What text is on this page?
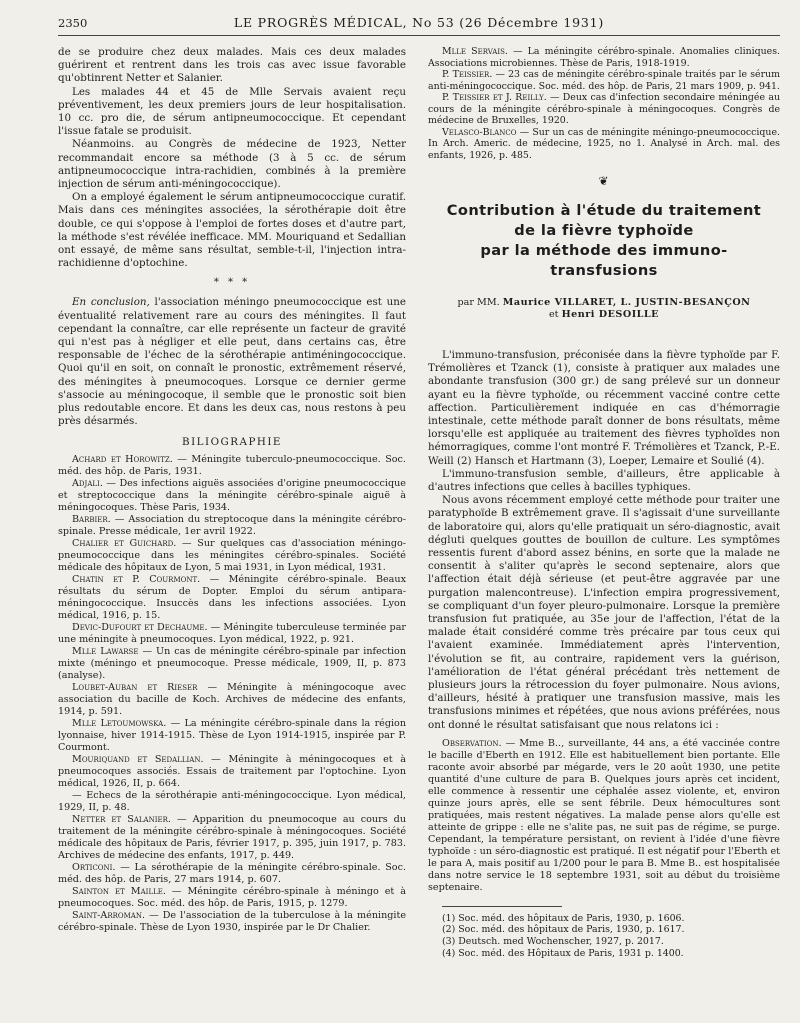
2350	LE PROGRÈS MÉDICAL, No 53 (26 Décembre 1931)

de se produire chez deux malades. Mais ces deux malades guérirent et rentrent dans les trois cas avec issue favorable qu'obtinrent Netter et Salanier.

Les malades 44 et 45 de Mlle Servais avaient reçu préventivement, les deux premiers jours de leur hospitalisation. 10 cc. pro die, de sérum antipneumococcique. Et cependant l'issue fatale se produisit.

Néanmoins. au Congrès de médecine de 1923, Netter recommandait encore sa méthode (3 à 5 cc. de sérum antipneumococcique intra-rachidien, combinés à la première injection de sérum anti-méningococcique).

On a employé également le sérum antipneumococcique curatif. Mais dans ces méningites associées, la sérothérapie doit être double, ce qui s'oppose à l'emploi de fortes doses et d'autre part, la méthode s'est révélée inefficace. MM. Mouriquand et Sedallian ont essayé, de même sans résultat, semble-t-il, l'injection intra-rachidienne d'optochine.

* * *

En conclusion, l'association méningo pneumococcique est une éventualité relativement rare au cours des méningites. Il faut cependant la connaître, car elle représente un facteur de gravité qui n'est pas à négliger et elle peut, dans certains cas, être responsable de l'échec de la sérothérapie antiméningococcique. Quoi qu'il en soit, on connaît le pronostic, extrêmement réservé, des méningites à pneumocoques. Lorsque ce dernier germe s'associe au méningocoque, il semble que le pronostic soit bien plus redoutable encore. Et dans les deux cas, nous restons à peu près désarmés.

BILIOGRAPHIE

Achard et Horowitz. — Méningite tuberculo-pneumococcique. Soc. méd. des hôp. de Paris, 1931.

Adjali. — Des infections aiguës associées d'origine pneumococcique et streptococcique dans la méningite cérébro-spinale aiguë à méningocoques. Thèse Paris, 1934.

Barbier. — Association du streptocoque dans la méningite cérébro-spinale. Presse médicale, 1er avril 1922.

Chalier et Guichard. — Sur quelques cas d'association méningo-pneumococcique dans les méningites cérébro-spinales. Société médicale des hôpitaux de Lyon, 5 mai 1931, in Lyon médical, 1931.

Chatin et P. Courmont. — Méningite cérébro-spinale. Beaux résultats du sérum de Dopter. Emploi du sérum antipara-méningococcique. Insuccès dans les infections associées. Lyon médical, 1916, p. 15.

Devic-Dufourt et Dechaume. — Méningite tuberculeuse terminée par une méningite à pneumocoques. Lyon médical, 1922, p. 921.

Mlle Lawarse — Un cas de méningite cérébro-spinale par infection mixte (méningo et pneumocoque. Presse médicale, 1909, II, p. 873 (analyse).

Loubet-Auban et Rieser — Méningite à méningocoque avec association du bacille de Koch. Archives de médecine des enfants, 1914, p. 591.

Mlle Letoumowska. — La méningite cérébro-spinale dans la région lyonnaise, hiver 1914-1915. Thèse de Lyon 1914-1915, inspirée par P. Courmont.

Mouriquand et Sedallian. — Méningite à méningocoques et à pneumocoques associés. Essais de traitement par l'optochine. Lyon médical, 1926, II, p. 664.

— Echecs de la sérothérapie anti-méningococcique. Lyon médical, 1929, II, p. 48.

Netter et Salanier. — Apparition du pneumocoque au cours du traitement de la méningite cérébro-spinale à méningocoques. Société médicale des hôpitaux de Paris, février 1917, p. 395, juin 1917, p. 783. Archives de médecine des enfants, 1917, p. 449.

Orticoni. — La sérothérapie de la méningite cérébro-spinale. Soc. méd. des hôp. de Paris, 27 mars 1914, p. 607.

Sainton et Maille. — Méningite cérébro-spinale à méningo et à pneumocoques. Soc. méd. des hôp. de Paris, 1915, p. 1279.

Saint-Arroman. — De l'association de la tuberculose à la méningite cérébro-spinale. Thèse de Lyon 1930, inspirée par le Dr Chalier.

Mlle Servais. — La méningite cérébro-spinale. Anomalies cliniques. Associations microbiennes. Thèse de Paris, 1918-1919.

P. Teissier. — 23 cas de méningite cérébro-spinale traités par le sérum anti-méningococcique. Soc. méd. des hôp. de Paris, 21 mars 1909, p. 941.

P. Teissier et J. Reilly. — Deux cas d'infection secondaire méningée au cours de la méningite cérébro-spinale à méningocoques. Congrès de médecine de Bruxelles, 1920.

Velasco-Blanco — Sur un cas de méningite méningo-pneumococcique. In Arch. Americ. de médecine, 1925, no 1. Analysé in Arch. mal. des enfants, 1926, p. 485.

❦

Contribution à l'étude du traitement

de la fièvre typhoïde

par la méthode des immuno-transfusions

par MM. Maurice VILLARET, L. JUSTIN-BESANÇON

et Henri DESOILLE

L'immuno-transfusion, préconisée dans la fièvre typhoïde par F. Trémolières et Tzanck (1), consiste à pratiquer aux malades une abondante transfusion (300 gr.) de sang prélevé sur un donneur ayant eu la fièvre typhoïde, ou récemment vacciné contre cette affection. Particulièrement indiquée en cas d'hémorragie intestinale, cette méthode paraît donner de bons résultats, même lorsqu'elle est appliquée au traitement des fièvres typhoïdes non hémorragiques, comme l'ont montré F. Trémolières et Tzanck, P.-E. Weill (2) Hansch et Hartmann (3), Loeper, Lemaire et Soulié (4).

L'immuno-transfusion semble, d'ailleurs, être applicable à d'autres infections que celles à bacilles typhiques.

Nous avons récemment employé cette méthode pour traiter une paratyphoïde B extrêmement grave. Il s'agissait d'une surveillante de laboratoire qui, alors qu'elle pratiquait un séro-diagnostic, avait dégluti quelques gouttes de bouillon de culture. Les symptômes ressentis furent d'abord assez bénins, en sorte que la malade ne consentit à s'aliter qu'après le second septenaire, alors que l'affection était déjà sérieuse (et peut-être aggravée par une purgation malencontreuse). L'infection empira progressivement, se compliquant d'un foyer pleuro-pulmonaire. Lorsque la première transfusion fut pratiquée, au 35e jour de l'affection, l'état de la malade était considéré comme très précaire par tous ceux qui l'avaient examinée. Immédiatement après l'intervention, l'évolution se fit, au contraire, rapidement vers la guérison, l'amélioration de l'état général précédant très nettement de plusieurs jours la rétrocession du foyer pulmonaire. Nous avions, d'ailleurs, hésité à pratiquer une transfusion massive, mais les transfusions minimes et répétées, que nous avions préférées, nous ont donné le résultat satisfaisant que nous relatons ici :

Observation. — Mme B.., surveillante, 44 ans, a été vaccinée contre le bacille d'Eberth en 1912. Elle est habituellement bien portante. Elle raconte avoir absorbé par mégarde, vers le 20 août 1930, une petite quantité d'une culture de para B. Quelques jours après cet incident, elle commence à ressentir une céphalée assez violente, et, environ quinze jours après, elle se sent fébrile. Deux hémocultures sont pratiquées, mais restent négatives. La malade pense alors qu'elle est atteinte de grippe : elle ne s'alite pas, ne suit pas de régime, se purge. Cependant, la température persistant, on revient à l'idée d'une fièvre typhoïde : un séro-diagnostic est pratiqué. Il est négatif pour l'Eberth et le para A, mais positif au 1/200 pour le para B. Mme B.. est hospitalisée dans notre service le 18 septembre 1931, soit au début du troisième septenaire.

(1) Soc. méd. des hôpitaux de Paris, 1930, p. 1606.

(2) Soc. méd. des hôpitaux de Paris, 1930, p. 1617.

(3) Deutsch. med Wochenscher, 1927, p. 2017.

(4) Soc. méd. des Hôpitaux de Paris, 1931 p. 1400.
